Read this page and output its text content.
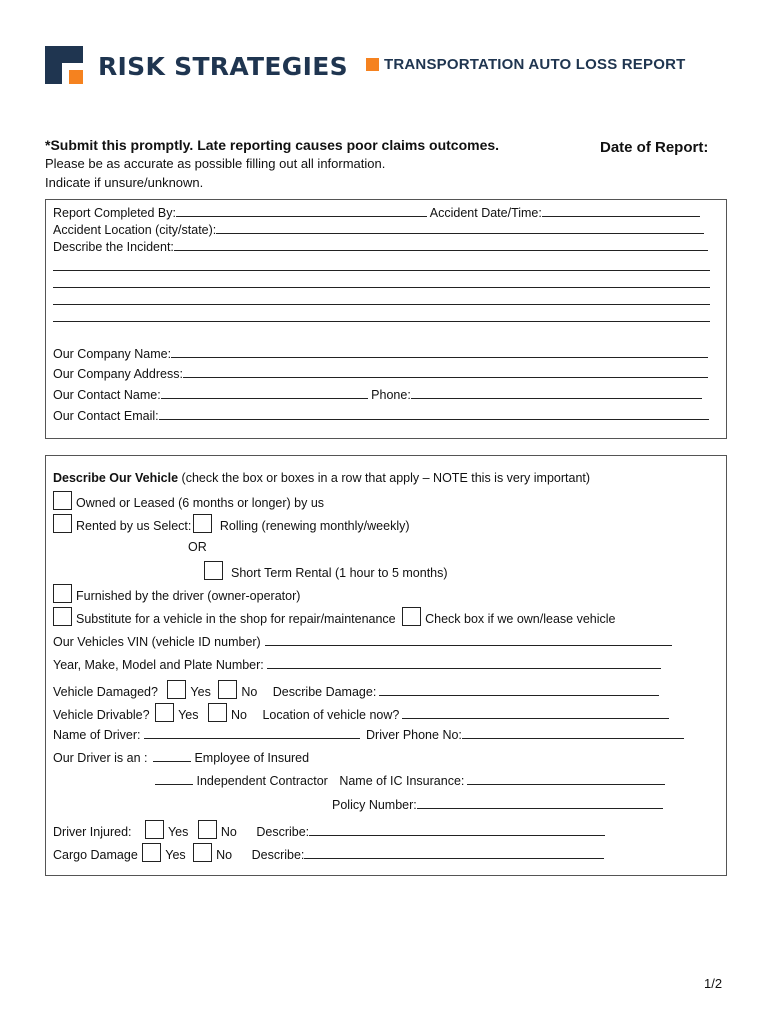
RISK STRATEGIES TRANSPORTATION AUTO LOSS REPORT
*Submit this promptly. Late reporting causes poor claims outcomes.
Please be as accurate as possible filling out all information.
Indicate if unsure/unknown.
Date of Report:
Report Completed By:	Accident Date/Time:
Accident Location (city/state):
Describe the Incident:
Our Company Name:
Our Company Address:
Our Contact Name:	Phone:
Our Contact Email:
Describe Our Vehicle (check the box or boxes in a row that apply – NOTE this is very important)
Owned or Leased (6 months or longer) by us
Rented by us Select: Rolling (renewing monthly/weekly)
OR
Short Term Rental (1 hour to 5 months)
Furnished by the driver (owner-operator)
Substitute for a vehicle in the shop for repair/maintenance Check box if we own/lease vehicle
Our Vehicles VIN (vehicle ID number)
Year, Make, Model and Plate Number:
Vehicle Damaged?	Yes No Describe Damage:
Vehicle Drivable? Yes	No Location of vehicle now?
Name of Driver:	Driver Phone No:
Our Driver is an :	Employee of Insured
Independent Contractor Name of IC Insurance:
Policy Number:
Driver Injured:	Yes	No Describe:
Cargo Damage Yes No Describe:
1/2
